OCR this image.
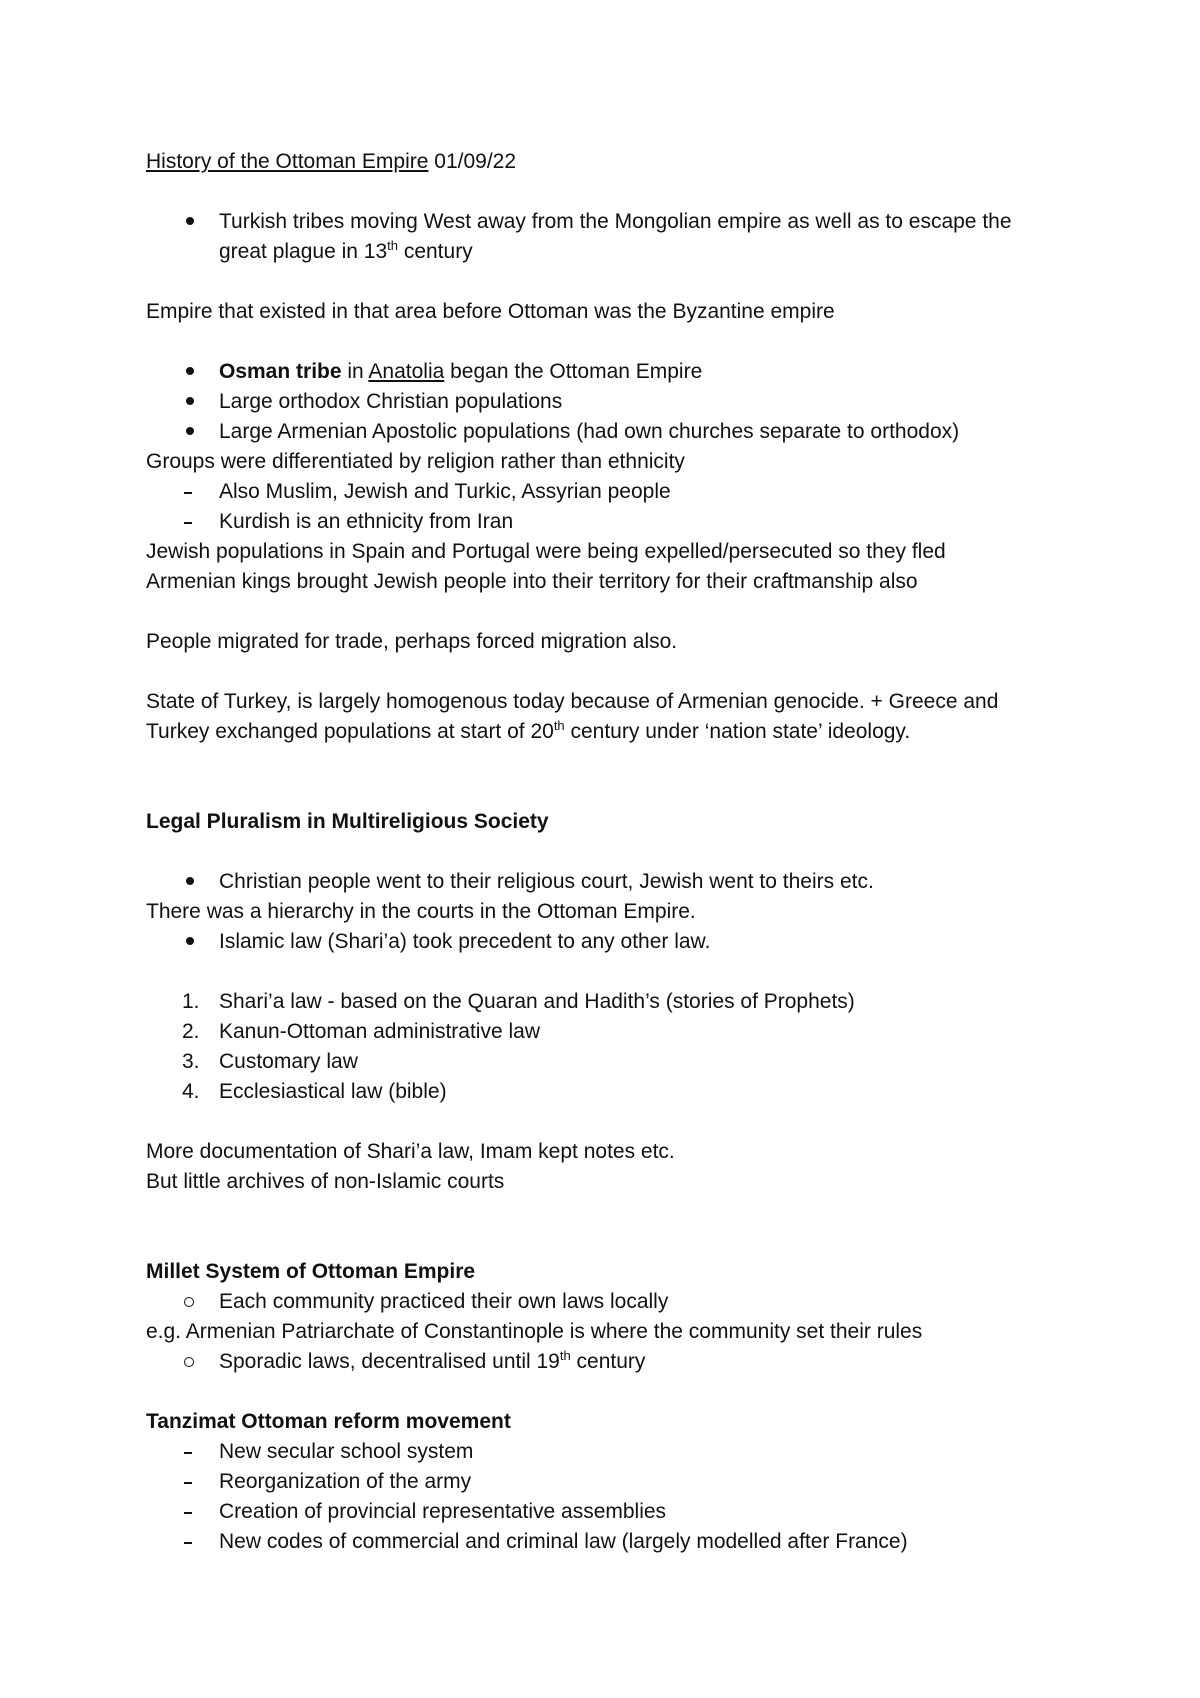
History of the Ottoman Empire 01/09/22

Turkish tribes moving West away from the Mongolian empire as well as to escape the
great plague in 13th century

Empire that existed in that area before Ottoman was the Byzantine empire

Osman tribe in Anatolia began the Ottoman Empire
Large orthodox Christian populations
Large Armenian Apostolic populations (had own churches separate to orthodox)

Groups were differentiated by religion rather than ethnicity

Also Muslim, Jewish and Turkic, Assyrian people
Kurdish is an ethnicity from Iran

Jewish populations in Spain and Portugal were being expelled/persecuted so they fled

Armenian kings brought Jewish people into their territory for their craftmanship also

People migrated for trade, perhaps forced migration also.

State of Turkey, is largely homogenous today because of Armenian genocide. + Greece and
Turkey exchanged populations at start of 20th century under ‘nation state’ ideology.

Legal Pluralism in Multireligious Society

Christian people went to their religious court, Jewish went to theirs etc.

There was a hierarchy in the courts in the Ottoman Empire.

Islamic law (Shari’a) took precedent to any other law.
1. Shari’a law - based on the Quaran and Hadith’s (stories of Prophets)
2. Kanun-Ottoman administrative law
3. Customary law
4. Ecclesiastical law (bible)

More documentation of Shari’a law, Imam kept notes etc.

But little archives of non-Islamic courts

Millet System of Ottoman Empire

Each community practiced their own laws locally

e.g. Armenian Patriarchate of Constantinople is where the community set their rules

Sporadic laws, decentralised until 19th century

Tanzimat Ottoman reform movement

New secular school system
Reorganization of the army
Creation of provincial representative assemblies
New codes of commercial and criminal law (largely modelled after France)
